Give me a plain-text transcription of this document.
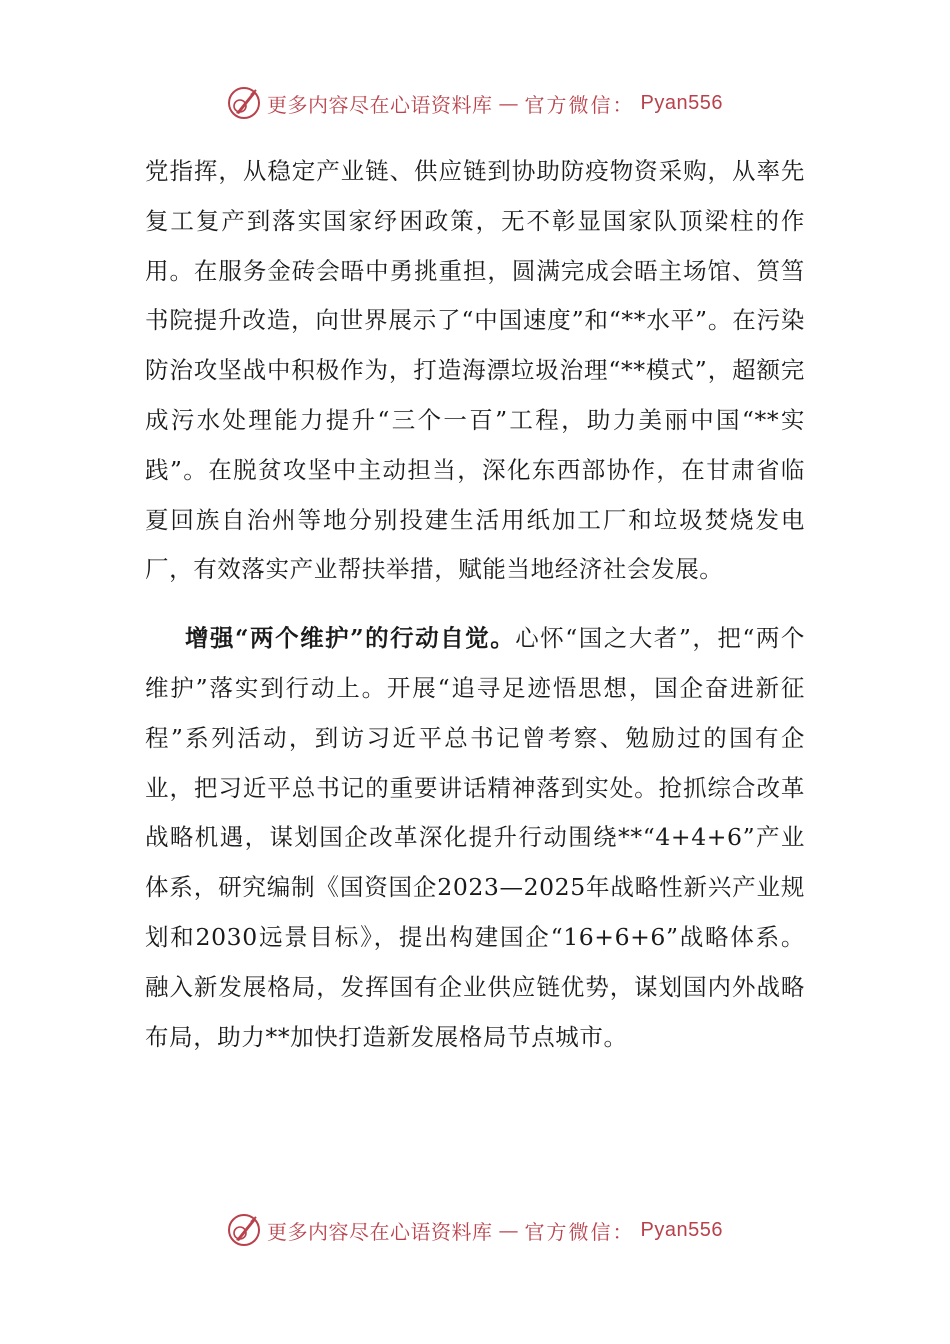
更多内容尽在心语资料库 — 官方微信： Pyan556

党指挥，从稳定产业链、供应链到协助防疫物资采购，从率先复工复产到落实国家纾困政策，无不彰显国家队顶梁柱的作用。在服务金砖会晤中勇挑重担，圆满完成会晤主场馆、筼筜书院提升改造，向世界展示了“中国速度”和“**水平”。在污染防治攻坚战中积极作为，打造海漂垃圾治理“**模式”，超额完成污水处理能力提升“三个一百”工程，助力美丽中国“**实践”。在脱贫攻坚中主动担当，深化东西部协作，在甘肃省临夏回族自治州等地分别投建生活用纸加工厂和垃圾焚烧发电厂，有效落实产业帮扶举措，赋能当地经济社会发展。

增强“两个维护”的行动自觉。心怀“国之大者”，把“两个维护”落实到行动上。开展“追寻足迹悟思想，国企奋进新征程”系列活动，到访习近平总书记曾考察、勉励过的国有企业，把习近平总书记的重要讲话精神落到实处。抢抓综合改革战略机遇，谋划国企改革深化提升行动围绕**“4+4+6”产业体系，研究编制《国资国企2023—2025年战略性新兴产业规划和2030远景目标》，提出构建国企“16+6+6”战略体系。融入新发展格局，发挥国有企业供应链优势，谋划国内外战略布局，助力**加快打造新发展格局节点城市。

更多内容尽在心语资料库 — 官方微信： Pyan556
